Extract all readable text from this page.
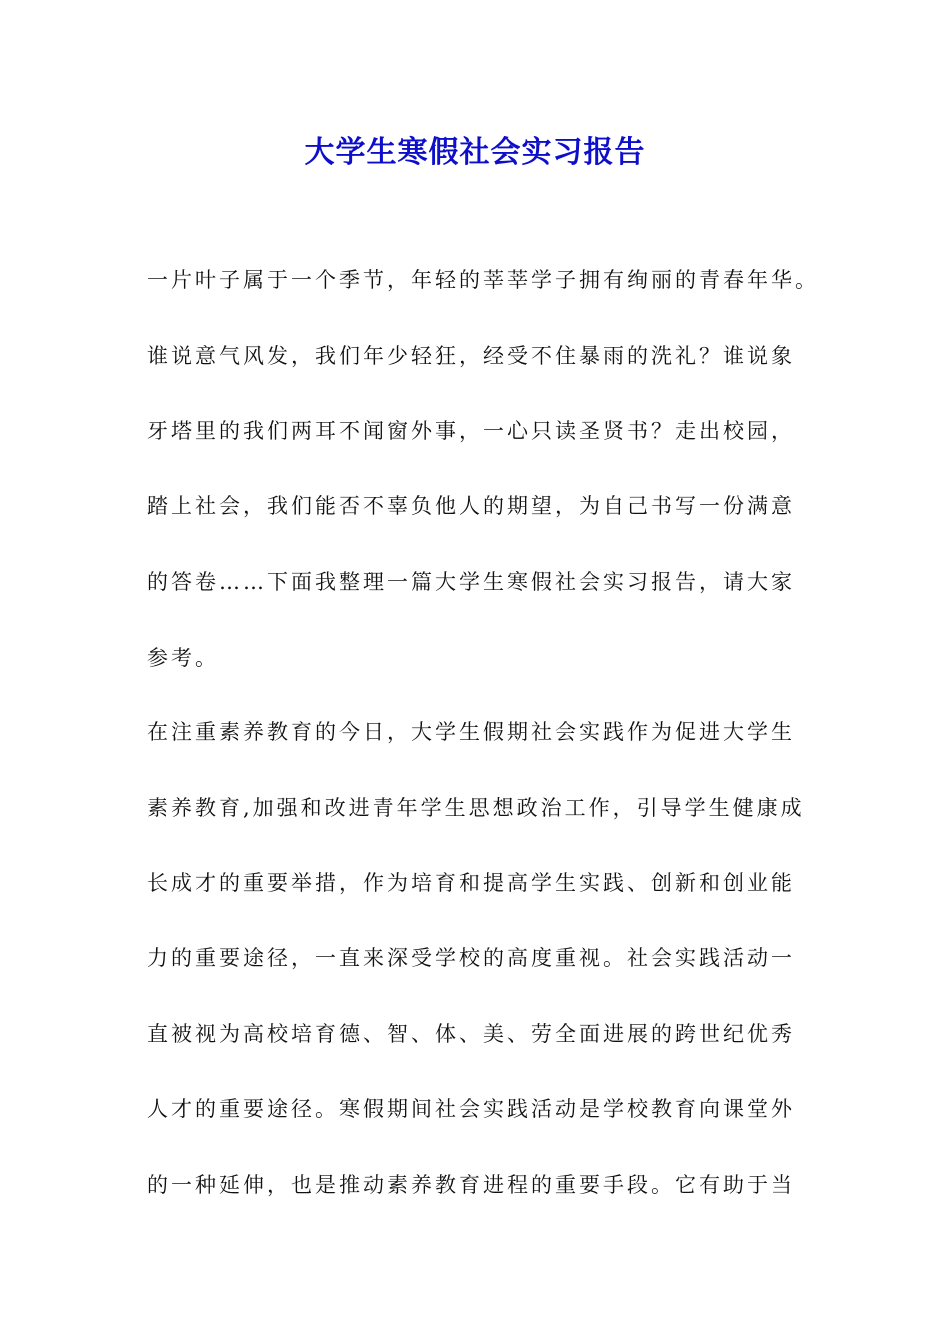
大学生寒假社会实习报告

一片叶子属于一个季节，年轻的莘莘学子拥有绚丽的青春年华。

谁说意气风发，我们年少轻狂，经受不住暴雨的洗礼？谁说象

牙塔里的我们两耳不闻窗外事，一心只读圣贤书？走出校园，

踏上社会，我们能否不辜负他人的期望，为自己书写一份满意

的答卷……下面我整理一篇大学生寒假社会实习报告，请大家

参考。

在注重素养教育的今日，大学生假期社会实践作为促进大学生

素养教育,加强和改进青年学生思想政治工作，引导学生健康成

长成才的重要举措，作为培育和提高学生实践、创新和创业能

力的重要途径，一直来深受学校的高度重视。社会实践活动一

直被视为高校培育德、智、体、美、劳全面进展的跨世纪优秀

人才的重要途径。寒假期间社会实践活动是学校教育向课堂外

的一种延伸，也是推动素养教育进程的重要手段。它有助于当
